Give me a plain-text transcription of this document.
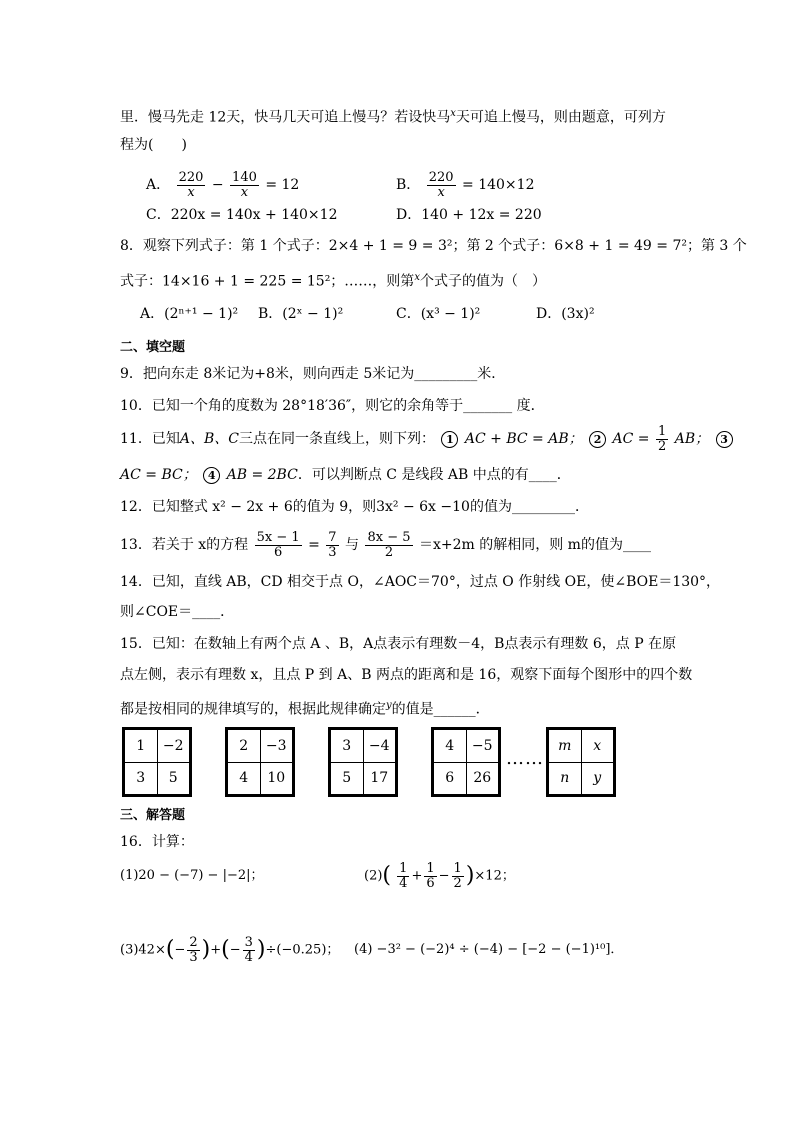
里．慢马先走 12天，快马几天可追上慢马？若设快马$^x$天可追上慢马，则由题意，可列方
程为(　　)
A． $\frac{220}{x} - \frac{140}{x} = 12$	B． $\frac{220}{x} = 140\times 12$
C．220x = 140x + 140×12	D．140 + 12x = 220
8．观察下列式子：第 1 个式子：2×4 + 1 = 9 = 3²；第 2 个式子：6×8 + 1 = 49 = 7²；第 3 个
式子：14×16 + 1 = 225 = 15²；……，则第$^x$个式子的值为（　）
A．(2ⁿ⁺¹ − 1)² B．(2ˣ − 1)²	C．(x³ − 1)²	D．(3x)²
二、填空题
9．把向东走 8米记为+8米，则向西走 5米记为_________米．
10．已知一个角的度数为 28°18′36″，则它的余角等于_______ 度．
11．已知A、B、C三点在同一条直线上，则下列： 1 AC + BC = AB； 2 AC = $\frac{1}{2}$ AB； 3
AC = BC； 4 AB = 2BC．可以判断点 C 是线段 AB 中点的有____．
12．已知整式 x² − 2x + 6的值为 9，则3x² − 6x −10的值为_________．
13．若关于 x的方程 $\frac{5x - 1}{6} = \frac{7}{3}$ 与 $\frac{8x - 5}{2} =x+2m$ 的解相同，则 m的值为____
14．已知，直线 AB，CD 相交于点 O，∠AOC＝70°，过点 O 作射线 OE，使∠BOE＝130°，
则∠COE＝____．
15．已知：在数轴上有两个点 A 、B，A点表示有理数－4，B点表示有理数 6，点 P 在原
点左侧，表示有理数 x，且点 P 到 A、B 两点的距离和是 16，观察下面每个图形中的四个数
都是按相同的规律填写的，根据此规律确定$^y$的值是______．
1	−2
3	5
2	−3
4	10
3	−4
5	17
4	−5
6	26
……
m	x
n	y
三、解答题
16．计算：
(1)20 − (−7) − |−2|；	$(2)( \frac{1}{4} + \frac{1}{6} - \frac{1}{2} )\times 12$；
$(3)42\times(- \frac{2}{3}$ )+(− $\frac{3}{4} )\div(-0.25)$； (4) −3² − (−2)⁴ ÷ (−4) − [−2 − (−1)¹⁰]．
